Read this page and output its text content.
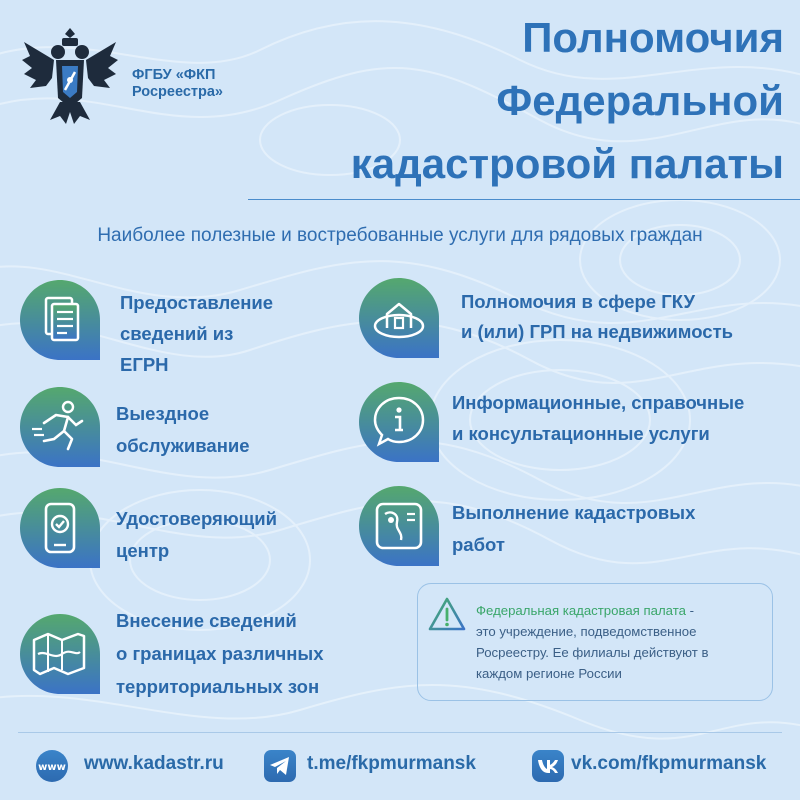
ФГБУ «ФКП
Росреестра»
Полномочия
Федеральной
кадастровой палаты
Наиболее полезные и востребованные услуги для рядовых граждан
Предоставление
сведений из
ЕГРН
Полномочия в сфере ГКУ
и (или) ГРП на недвижимость
Выездное
обслуживание
Информационные, справочные
и консультационные услуги
Удостоверяющий
центр
Выполнение кадастровых
работ
Внесение сведений
о границах различных
территориальных зон
Федеральная кадастровая палата -
это учреждение, подведомственное
Росреестру. Ее филиалы действуют в
каждом регионе России
www www.kadastr.ru	t.me/fkpmurmansk	vk.com/fkpmurmansk
